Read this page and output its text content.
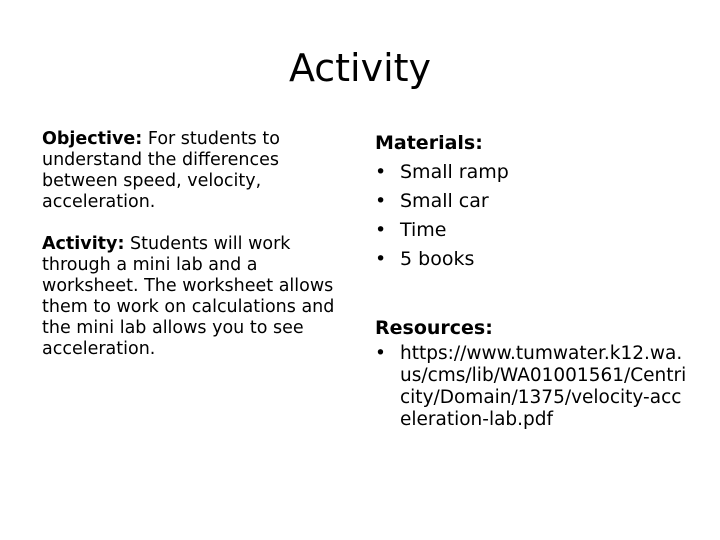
Activity

Objective: For students to understand the differences between speed, velocity, acceleration.

Activity: Students will work through a mini lab and a worksheet. The worksheet allows them to work on calculations and the mini lab allows you to see acceleration.

Materials:

• Small ramp
• Small car
• Time
• 5 books

Resources:

• https://www.tumwater.k12.wa.us/cms/lib/WA01001561/Centricity/Domain/1375/velocity-acceleration-lab.pdf
